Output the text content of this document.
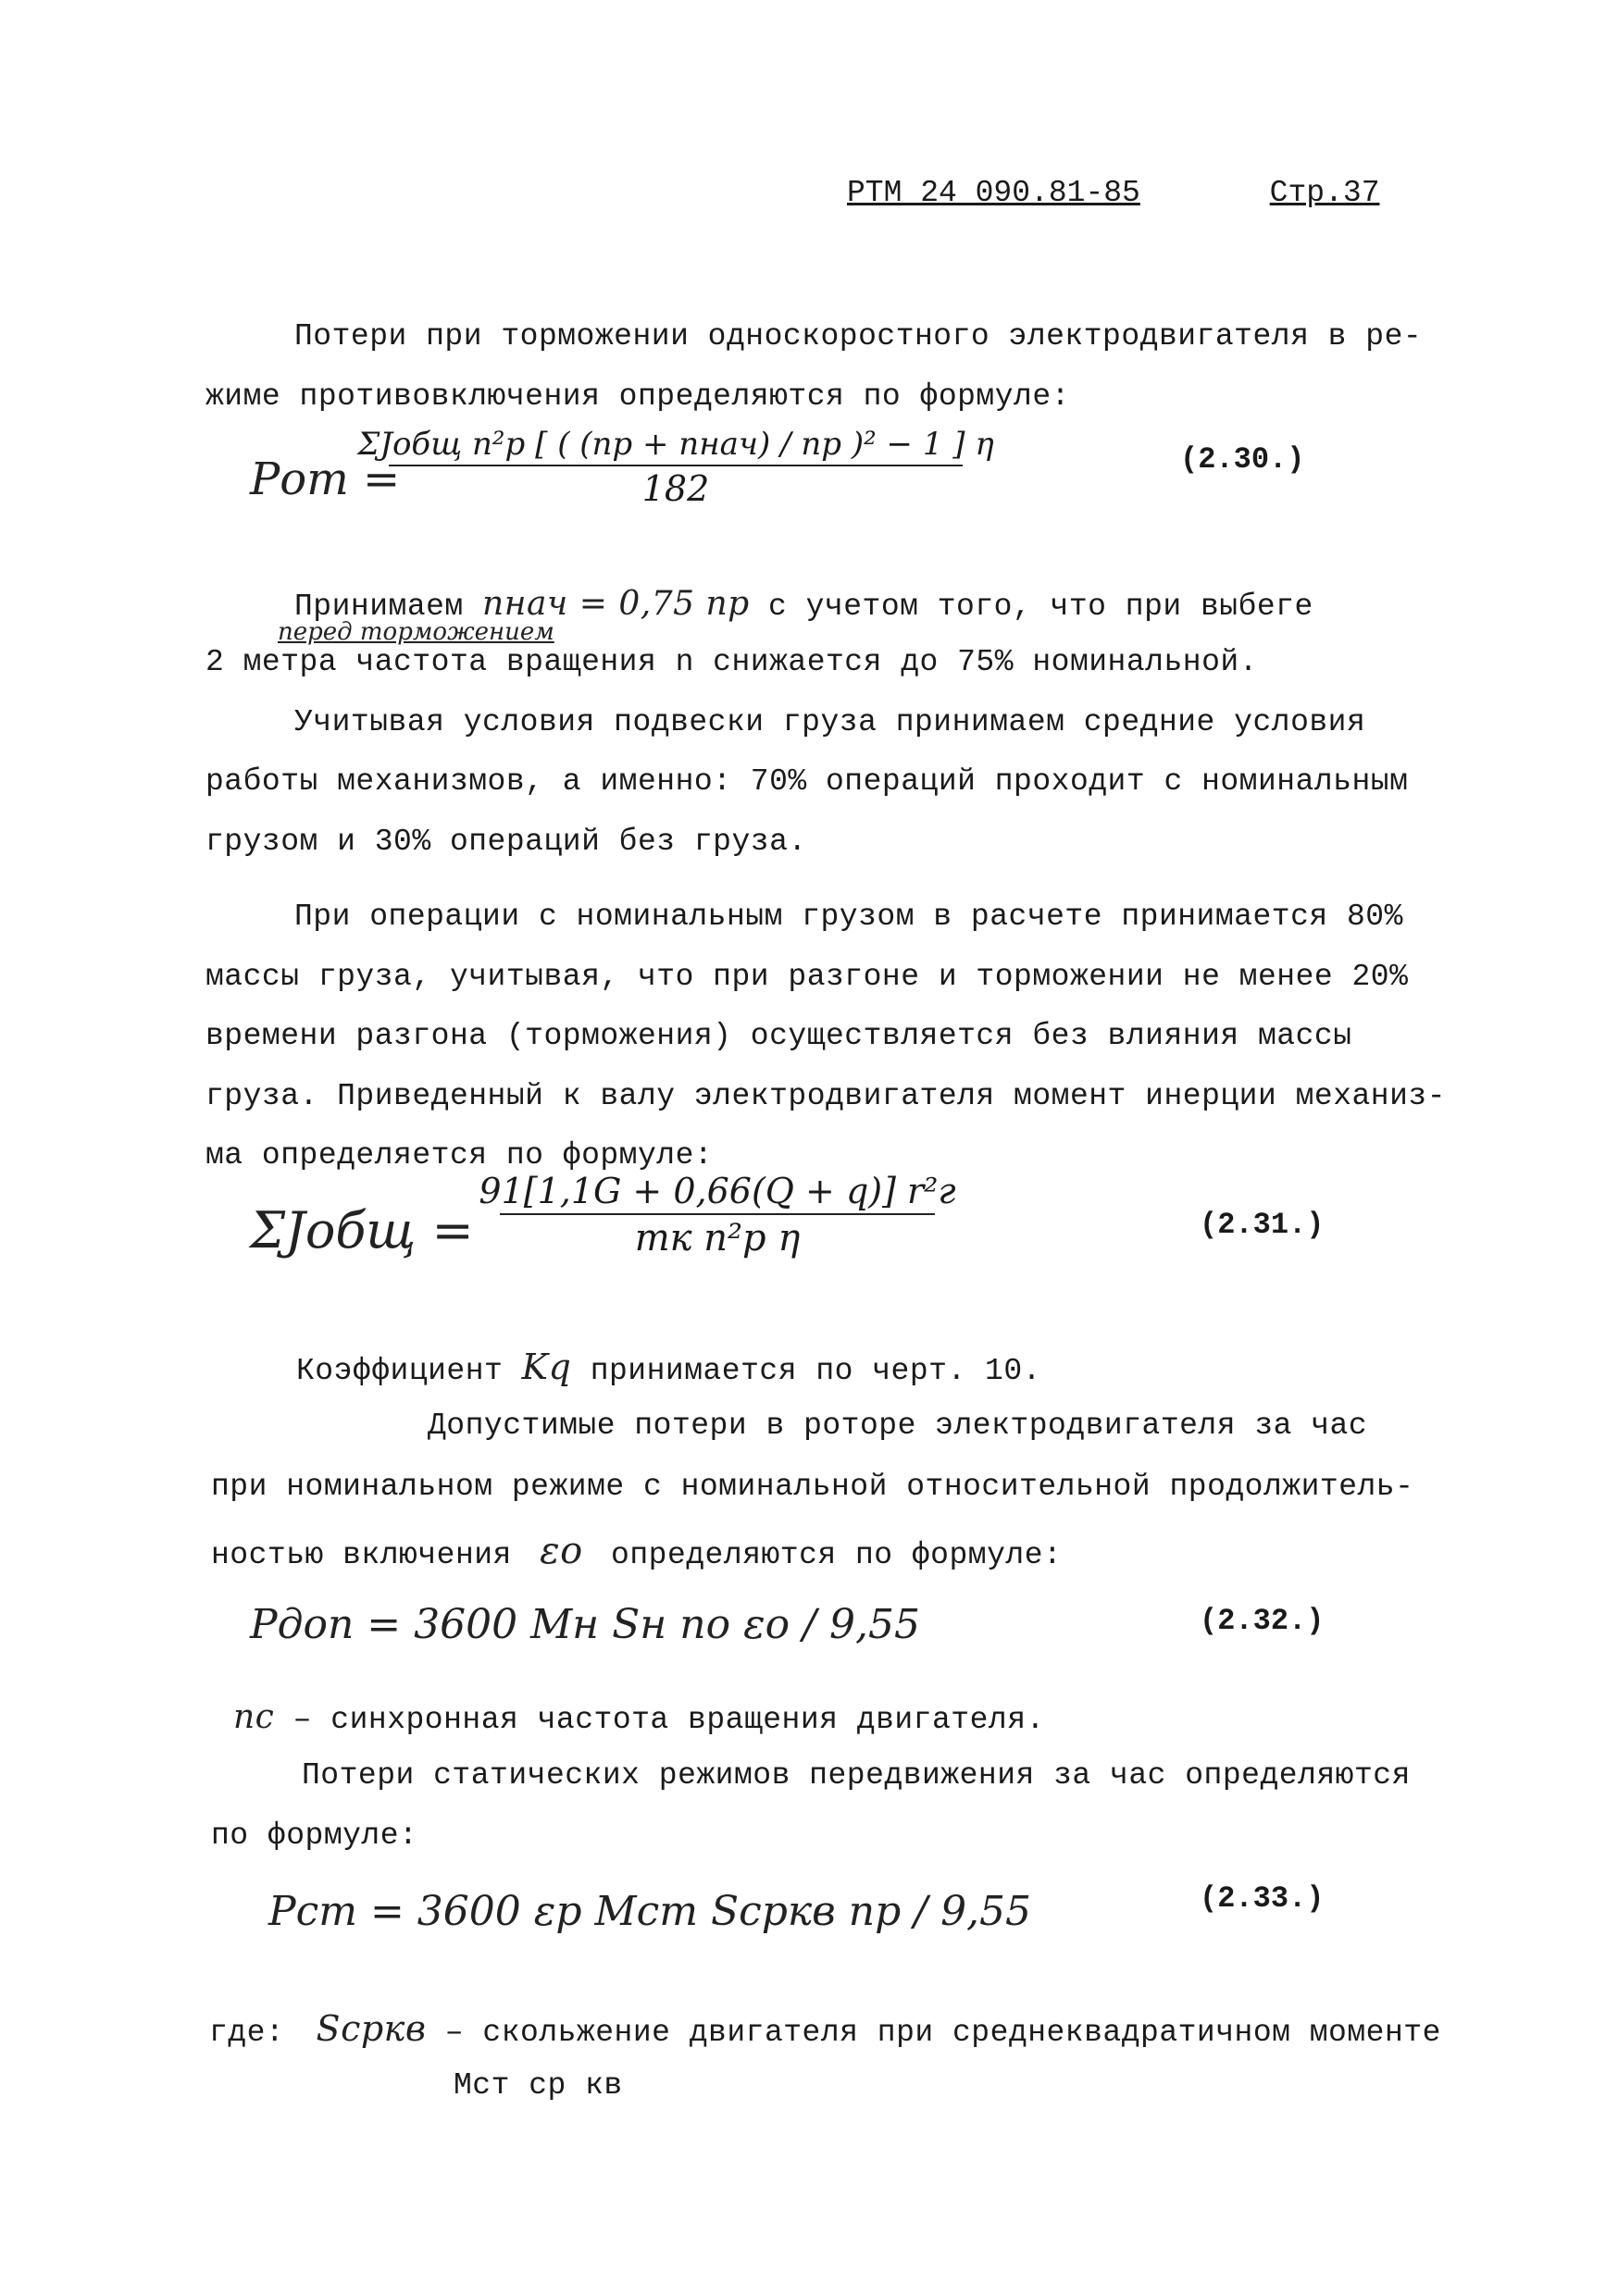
РТМ 24 090.81-85	Стр.37
Потери при торможении односкоростного электродвигателя в ре-
жиме противовключения определяются по формуле:
Pот =
ΣJобщ n²р [ ( (nр + nнач) / nр )² − 1 ] η
182
(2.30.)
Принимаем nнач = 0,75 nр с учетом того, что при выбеге
перед торможением
2 метра частота вращения n снижается до 75% номинальной.
Учитывая условия подвески груза принимаем средние условия
работы механизмов, а именно: 70% операций проходит с номинальным
грузом и 30% операций без груза.
При операции с номинальным грузом в расчете принимается 80%
массы груза, учитывая, что при разгоне и торможении не менее 20%
времени разгона (торможения) осуществляется без влияния массы
груза. Приведенный к валу электродвигателя момент инерции механиз-
ма определяется по формуле:
ΣJобщ =
91[1,1G + 0,66(Q + q)] r²г
mк n²р η	(2.31.)
Коэффициент Kq принимается по черт. 10.
Допустимые потери в роторе электродвигателя за час
при номинальном режиме с номинальной относительной продолжитель-
ностью включения εо определяются по формуле:
Pдоп = 3600 Mн Sн nо εо / 9,55	(2.32.)
nс – синхронная частота вращения двигателя.
Потери статических режимов передвижения за час определяются
по формуле:
Pст = 3600 εр Mст Sсркв nр / 9,55	(2.33.)
где: Sсркв – скольжение двигателя при среднеквадратичном моменте
Мст ср кв
